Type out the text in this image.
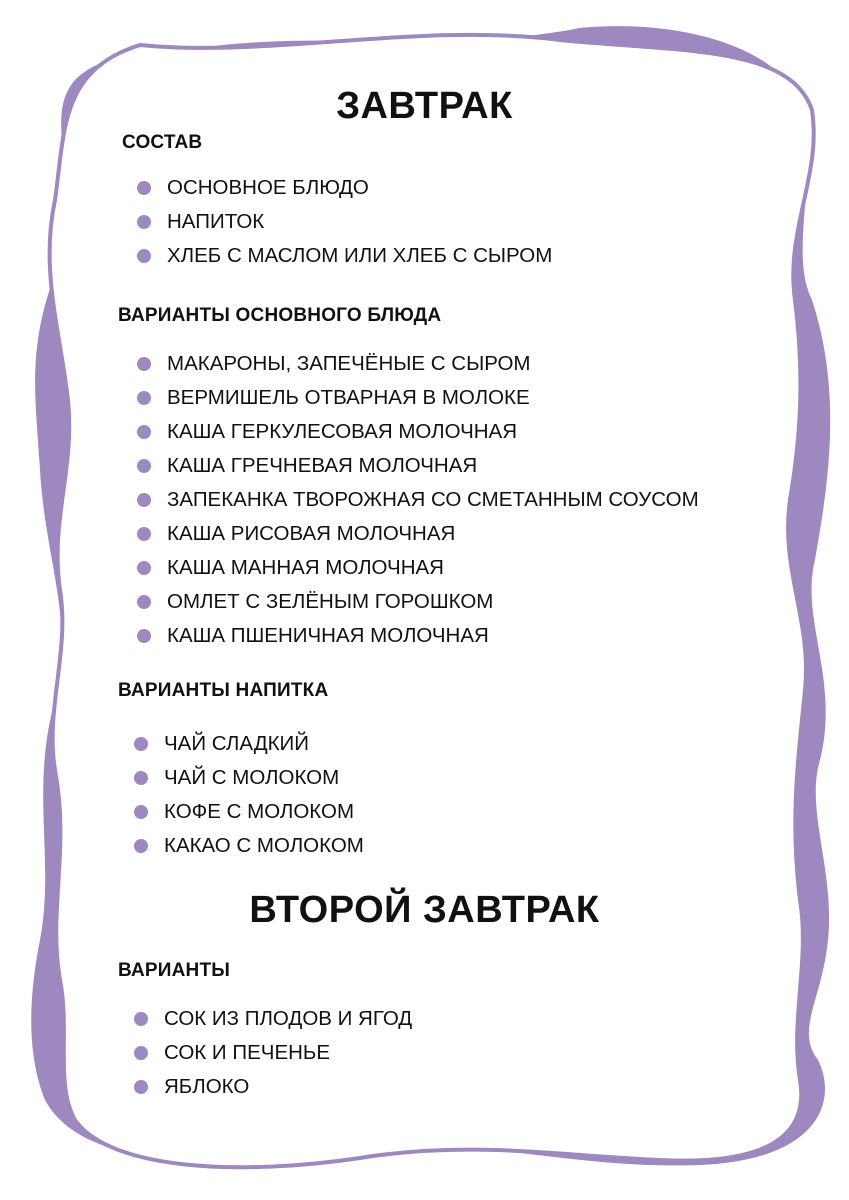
ЗАВТРАК
СОСТАВ
ОСНОВНОЕ БЛЮДО
НАПИТОК
ХЛЕБ С МАСЛОМ ИЛИ ХЛЕБ С СЫРОМ
ВАРИАНТЫ ОСНОВНОГО БЛЮДА
МАКАРОНЫ, ЗАПЕЧЁНЫЕ С СЫРОМ
ВЕРМИШЕЛЬ ОТВАРНАЯ В МОЛОКЕ
КАША ГЕРКУЛЕСОВАЯ МОЛОЧНАЯ
КАША ГРЕЧНЕВАЯ МОЛОЧНАЯ
ЗАПЕКАНКА ТВОРОЖНАЯ СО СМЕТАННЫМ СОУСОМ
КАША РИСОВАЯ МОЛОЧНАЯ
КАША МАННАЯ МОЛОЧНАЯ
ОМЛЕТ С ЗЕЛЁНЫМ ГОРОШКОМ
КАША ПШЕНИЧНАЯ МОЛОЧНАЯ
ВАРИАНТЫ НАПИТКА
ЧАЙ СЛАДКИЙ
ЧАЙ С МОЛОКОМ
КОФЕ С МОЛОКОМ
КАКАО С МОЛОКОМ
ВТОРОЙ ЗАВТРАК
ВАРИАНТЫ
СОК ИЗ ПЛОДОВ И ЯГОД
СОК И ПЕЧЕНЬЕ
ЯБЛОКО
